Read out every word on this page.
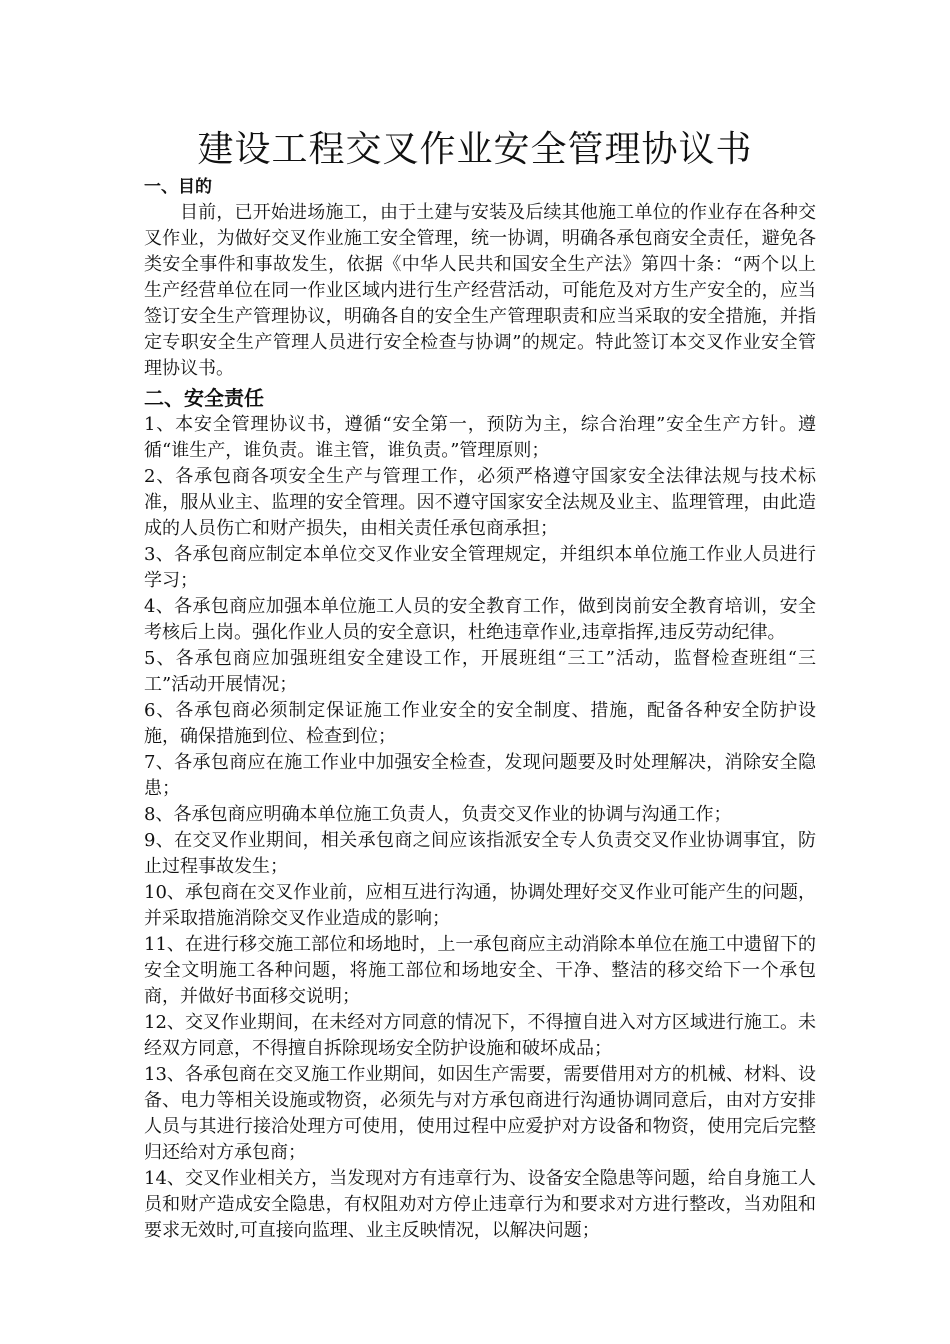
建设工程交叉作业安全管理协议书
一、目的

目前，已开始进场施工，由于土建与安装及后续其他施工单位的作业存在各种交叉作业，为做好交叉作业施工安全管理，统一协调，明确各承包商安全责任，避免各类安全事件和事故发生，依据《中华人民共和国安全生产法》第四十条：“两个以上生产经营单位在同一作业区域内进行生产经营活动，可能危及对方生产安全的，应当签订安全生产管理协议，明确各自的安全生产管理职责和应当采取的安全措施，并指定专职安全生产管理人员进行安全检查与协调”的规定。特此签订本交叉作业安全管理协议书。

二、安全责任
1、本安全管理协议书，遵循“安全第一，预防为主，综合治理”安全生产方针。遵循“谁生产，谁负责。谁主管，谁负责。”管理原则；
2、各承包商各项安全生产与管理工作，必须严格遵守国家安全法律法规与技术标准，服从业主、监理的安全管理。因不遵守国家安全法规及业主、监理管理，由此造成的人员伤亡和财产损失，由相关责任承包商承担；
3、各承包商应制定本单位交叉作业安全管理规定，并组织本单位施工作业人员进行学习；
4、各承包商应加强本单位施工人员的安全教育工作，做到岗前安全教育培训，安全考核后上岗。强化作业人员的安全意识，杜绝违章作业,违章指挥,违反劳动纪律。
5、各承包商应加强班组安全建设工作，开展班组“三工”活动，监督检查班组“三工”活动开展情况；
6、各承包商必须制定保证施工作业安全的安全制度、措施，配备各种安全防护设施，确保措施到位、检查到位；
7、各承包商应在施工作业中加强安全检查，发现问题要及时处理解决，消除安全隐患；
8、各承包商应明确本单位施工负责人，负责交叉作业的协调与沟通工作；
9、在交叉作业期间，相关承包商之间应该指派安全专人负责交叉作业协调事宜，防止过程事故发生；
10、承包商在交叉作业前，应相互进行沟通，协调处理好交叉作业可能产生的问题，并采取措施消除交叉作业造成的影响；
11、在进行移交施工部位和场地时，上一承包商应主动消除本单位在施工中遗留下的安全文明施工各种问题，将施工部位和场地安全、干净、整洁的移交给下一个承包商，并做好书面移交说明；
12、交叉作业期间，在未经对方同意的情况下，不得擅自进入对方区域进行施工。未经双方同意，不得擅自拆除现场安全防护设施和破坏成品；
13、各承包商在交叉施工作业期间，如因生产需要，需要借用对方的机械、材料、设备、电力等相关设施或物资，必须先与对方承包商进行沟通协调同意后，由对方安排人员与其进行接洽处理方可使用，使用过程中应爱护对方设备和物资，使用完后完整归还给对方承包商；
14、交叉作业相关方，当发现对方有违章行为、设备安全隐患等问题，给自身施工人员和财产造成安全隐患，有权阻劝对方停止违章行为和要求对方进行整改，当劝阻和要求无效时,可直接向监理、业主反映情况，以解决问题；
